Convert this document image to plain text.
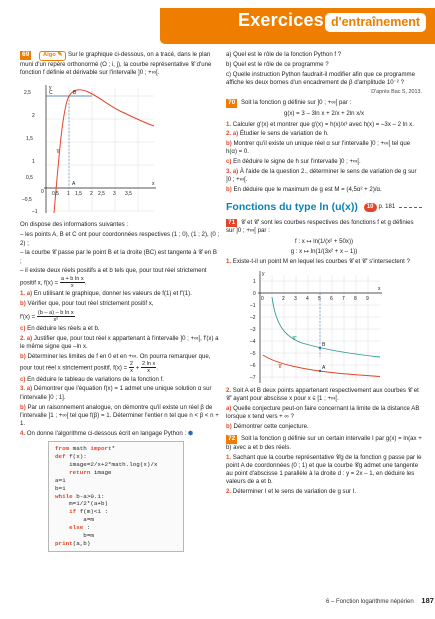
Exercices d'entraînement

69 Algo ✎ Sur le graphique ci-dessous, on a tracé, dans le plan muni d'un repère orthonormé (O ; i, j), la courbe représentative 𝒞 d'une fonction f définie et dérivable sur l'intervalle ]0 ; +∞[.

y
x
2,5
2
1,5
1
0,5
0
–0,5
–1
0,5 1 1,5 2 2,5 3 3,5
A
B
C
𝒞

On dispose des informations suivantes :

– les points A, B et C ont pour coordonnées respectives (1 ; 0), (1 ; 2), (0 ; 2) ;

– la courbe 𝒞 passe par le point B et la droite (BC) est tangente à 𝒞 en B ;

– il existe deux réels positifs a et b tels que, pour tout réel strictement positif x, $f(x) = \frac{\text{a + b ln x}}{x}$ .

1. a) En utilisant le graphique, donner les valeurs de f(1) et f′(1).

b) Vérifier que, pour tout réel strictement positif x,

$f'(x) = \frac{\text{(b – a) – b ln x}}{\text{x²}}$

c) En déduire les réels a et b.

2. a) Justifier que, pour tout réel x appartenant à l'intervalle ]0 ; +∞[, f′(x) a le même signe que –ln x.

b) Déterminer les limites de f en 0 et en +∞. On pourra remarquer que, pour tout réel x strictement positif, $f(x) = \frac{2}{x} + \frac{\text{2 ln x}}{x}$ .

c) En déduire le tableau de variations de la fonction f.

3. a) Démontrer que l'équation f(x) = 1 admet une unique solution α sur l'intervalle ]0 ; 1].

b) Par un raisonnement analogue, on démontre qu'il existe un réel β de l'intervalle ]1 ; +∞[ tel que f(β) = 1. Déterminer l'entier n tel que n < β < n + 1.

4. On donne l'algorithme ci-dessous écrit en langage Python : ⬢

from math import*
def f(x):
image=2/x+2*math.log(x)/x
return image
a=1
b=1
while b-a>0.1:
m=1/2*(a+b)
if f(m)<1 :
a=m
else :
b=m
print(a,b)

a) Quel est le rôle de la fonction Python f ?

b) Quel est le rôle de ce programme ?

c) Quelle instruction Python faudrait-il modifier afin que ce programme affiche les deux bornes d'un encadrement de β d'amplitude 10⁻² ?

D'après Bac S, 2013.

70 Soit la fonction g définie sur ]0 ; +∞[ par :

g(x) = 3 – 3ln x + 2/x + 2ln x/x

1. Calculer g′(x) et montrer que g′(x) = h(x)/x³ avec h(x) = –3x – 2 ln x.

2. a) Étudier le sens de variation de h.

b) Montrer qu'il existe un unique réel α sur l'intervalle ]0 ; +∞[ tel que h(α) = 0.

c) En déduire le signe de h sur l'intervalle ]0 ; +∞[.

3. a) À l'aide de la question 2., déterminer le sens de variation de g sur ]0 ; +∞[.

b) En déduire que le maximum de g est M = (4,5α² + 2)/α.

Fonctions du type ln (u(x))	10 p. 181

71 𝒞 et 𝒞′ sont les courbes respectives des fonctions f et g définies sur ]0 ; +∞[ par :

f : x ↦ ln(1/(x² + 50x))

g : x ↦ ln(1/(3x² + x – 1))

1. Existe-t-il un point M en lequel les courbes 𝒞 et 𝒞′ s'intersectent ?

y
x
0	2 3 4 5 6 7 8 9
1
0
–1
–2
–3
–4
–5
–6
–7
𝒞′
𝒞
B
A

2. Soit A et B deux points appartenant respectivement aux courbes 𝒞 et 𝒞′ ayant pour abscisse x pour x ∈ [1 ; +∞[.

a) Quelle conjecture peut-on faire concernant la limite de la distance AB lorsque x tend vers + ∞ ?

b) Démontrer cette conjecture.

72 Soit la fonction g définie sur un certain intervalle I par g(x) = ln(ax + b) avec a et b des réels.

1. Sachant que la courbe représentative 𝒞g de la fonction g passe par le point A de coordonnées (0 ; 1) et que la courbe 𝒞g admet une tangente au point d'abscisse 1 parallèle à la droite d : y = 2x – 1, en déduire les valeurs de a et b.

2. Déterminer I et le sens de variation de g sur I.

6 – Fonction logarithme népérien 187
